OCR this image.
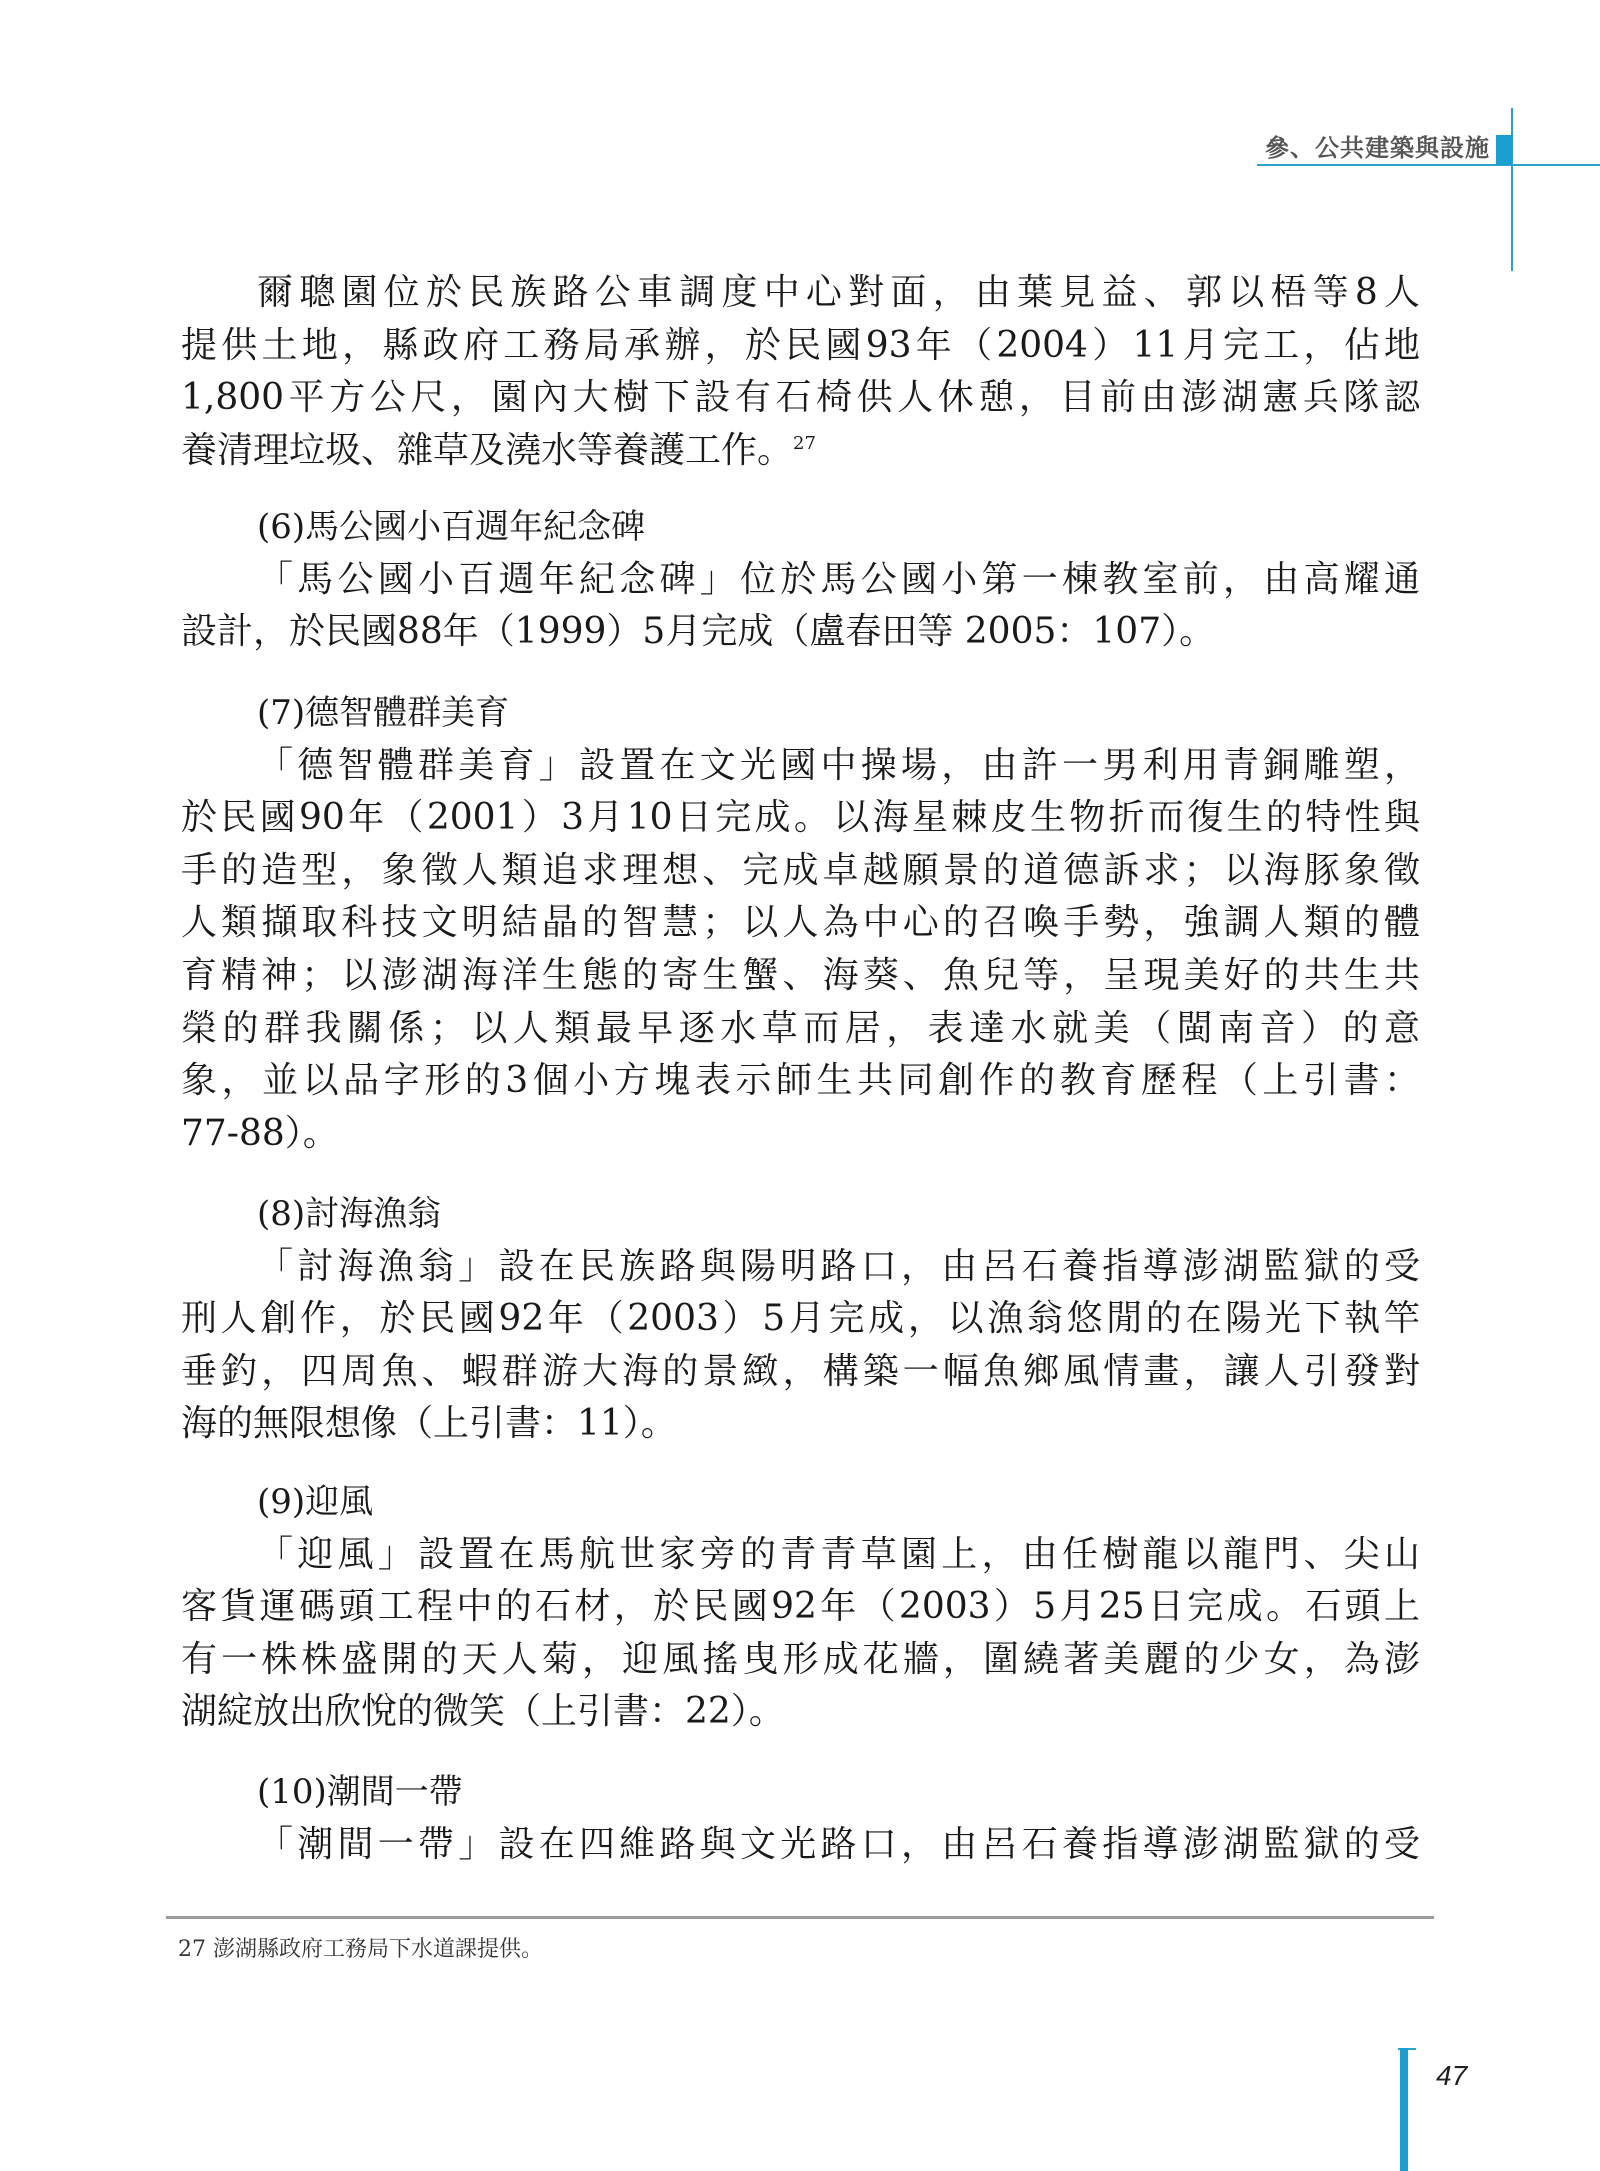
參、公共建築與設施
爾聰園位於民族路公車調度中心對面，由葉見益、郭以梧等8人
提供土地，縣政府工務局承辦，於民國93年（2004）11月完工，佔地
1,800平方公尺，園內大樹下設有石椅供人休憩，目前由澎湖憲兵隊認
養清理垃圾、雜草及澆水等養護工作。$^{27}$
(6)馬公國小百週年紀念碑
「馬公國小百週年紀念碑」位於馬公國小第一棟教室前，由高耀通
設計，於民國88年（1999）5月完成（盧春田等 2005：107）。
(7)德智體群美育
「德智體群美育」設置在文光國中操場，由許一男利用青銅雕塑，
於民國90年（2001）3月10日完成。以海星棘皮生物折而復生的特性與
手的造型，象徵人類追求理想、完成卓越願景的道德訴求；以海豚象徵
人類擷取科技文明結晶的智慧；以人為中心的召喚手勢，強調人類的體
育精神；以澎湖海洋生態的寄生蟹、海葵、魚兒等，呈現美好的共生共
榮的群我關係；以人類最早逐水草而居，表達水就美（閩南音）的意
象，並以品字形的3個小方塊表示師生共同創作的教育歷程（上引書：
77-88）。
(8)討海漁翁
「討海漁翁」設在民族路與陽明路口，由呂石養指導澎湖監獄的受
刑人創作，於民國92年（2003）5月完成，以漁翁悠閒的在陽光下執竿
垂釣，四周魚、蝦群游大海的景緻，構築一幅魚鄉風情畫，讓人引發對
海的無限想像（上引書：11）。
(9)迎風
「迎風」設置在馬航世家旁的青青草園上，由任樹龍以龍門、尖山
客貨運碼頭工程中的石材，於民國92年（2003）5月25日完成。石頭上
有一株株盛開的天人菊，迎風搖曳形成花牆，圍繞著美麗的少女，為澎
湖綻放出欣悅的微笑（上引書：22）。
(10)潮間一帶
「潮間一帶」設在四維路與文光路口，由呂石養指導澎湖監獄的受
27 澎湖縣政府工務局下水道課提供。
47
